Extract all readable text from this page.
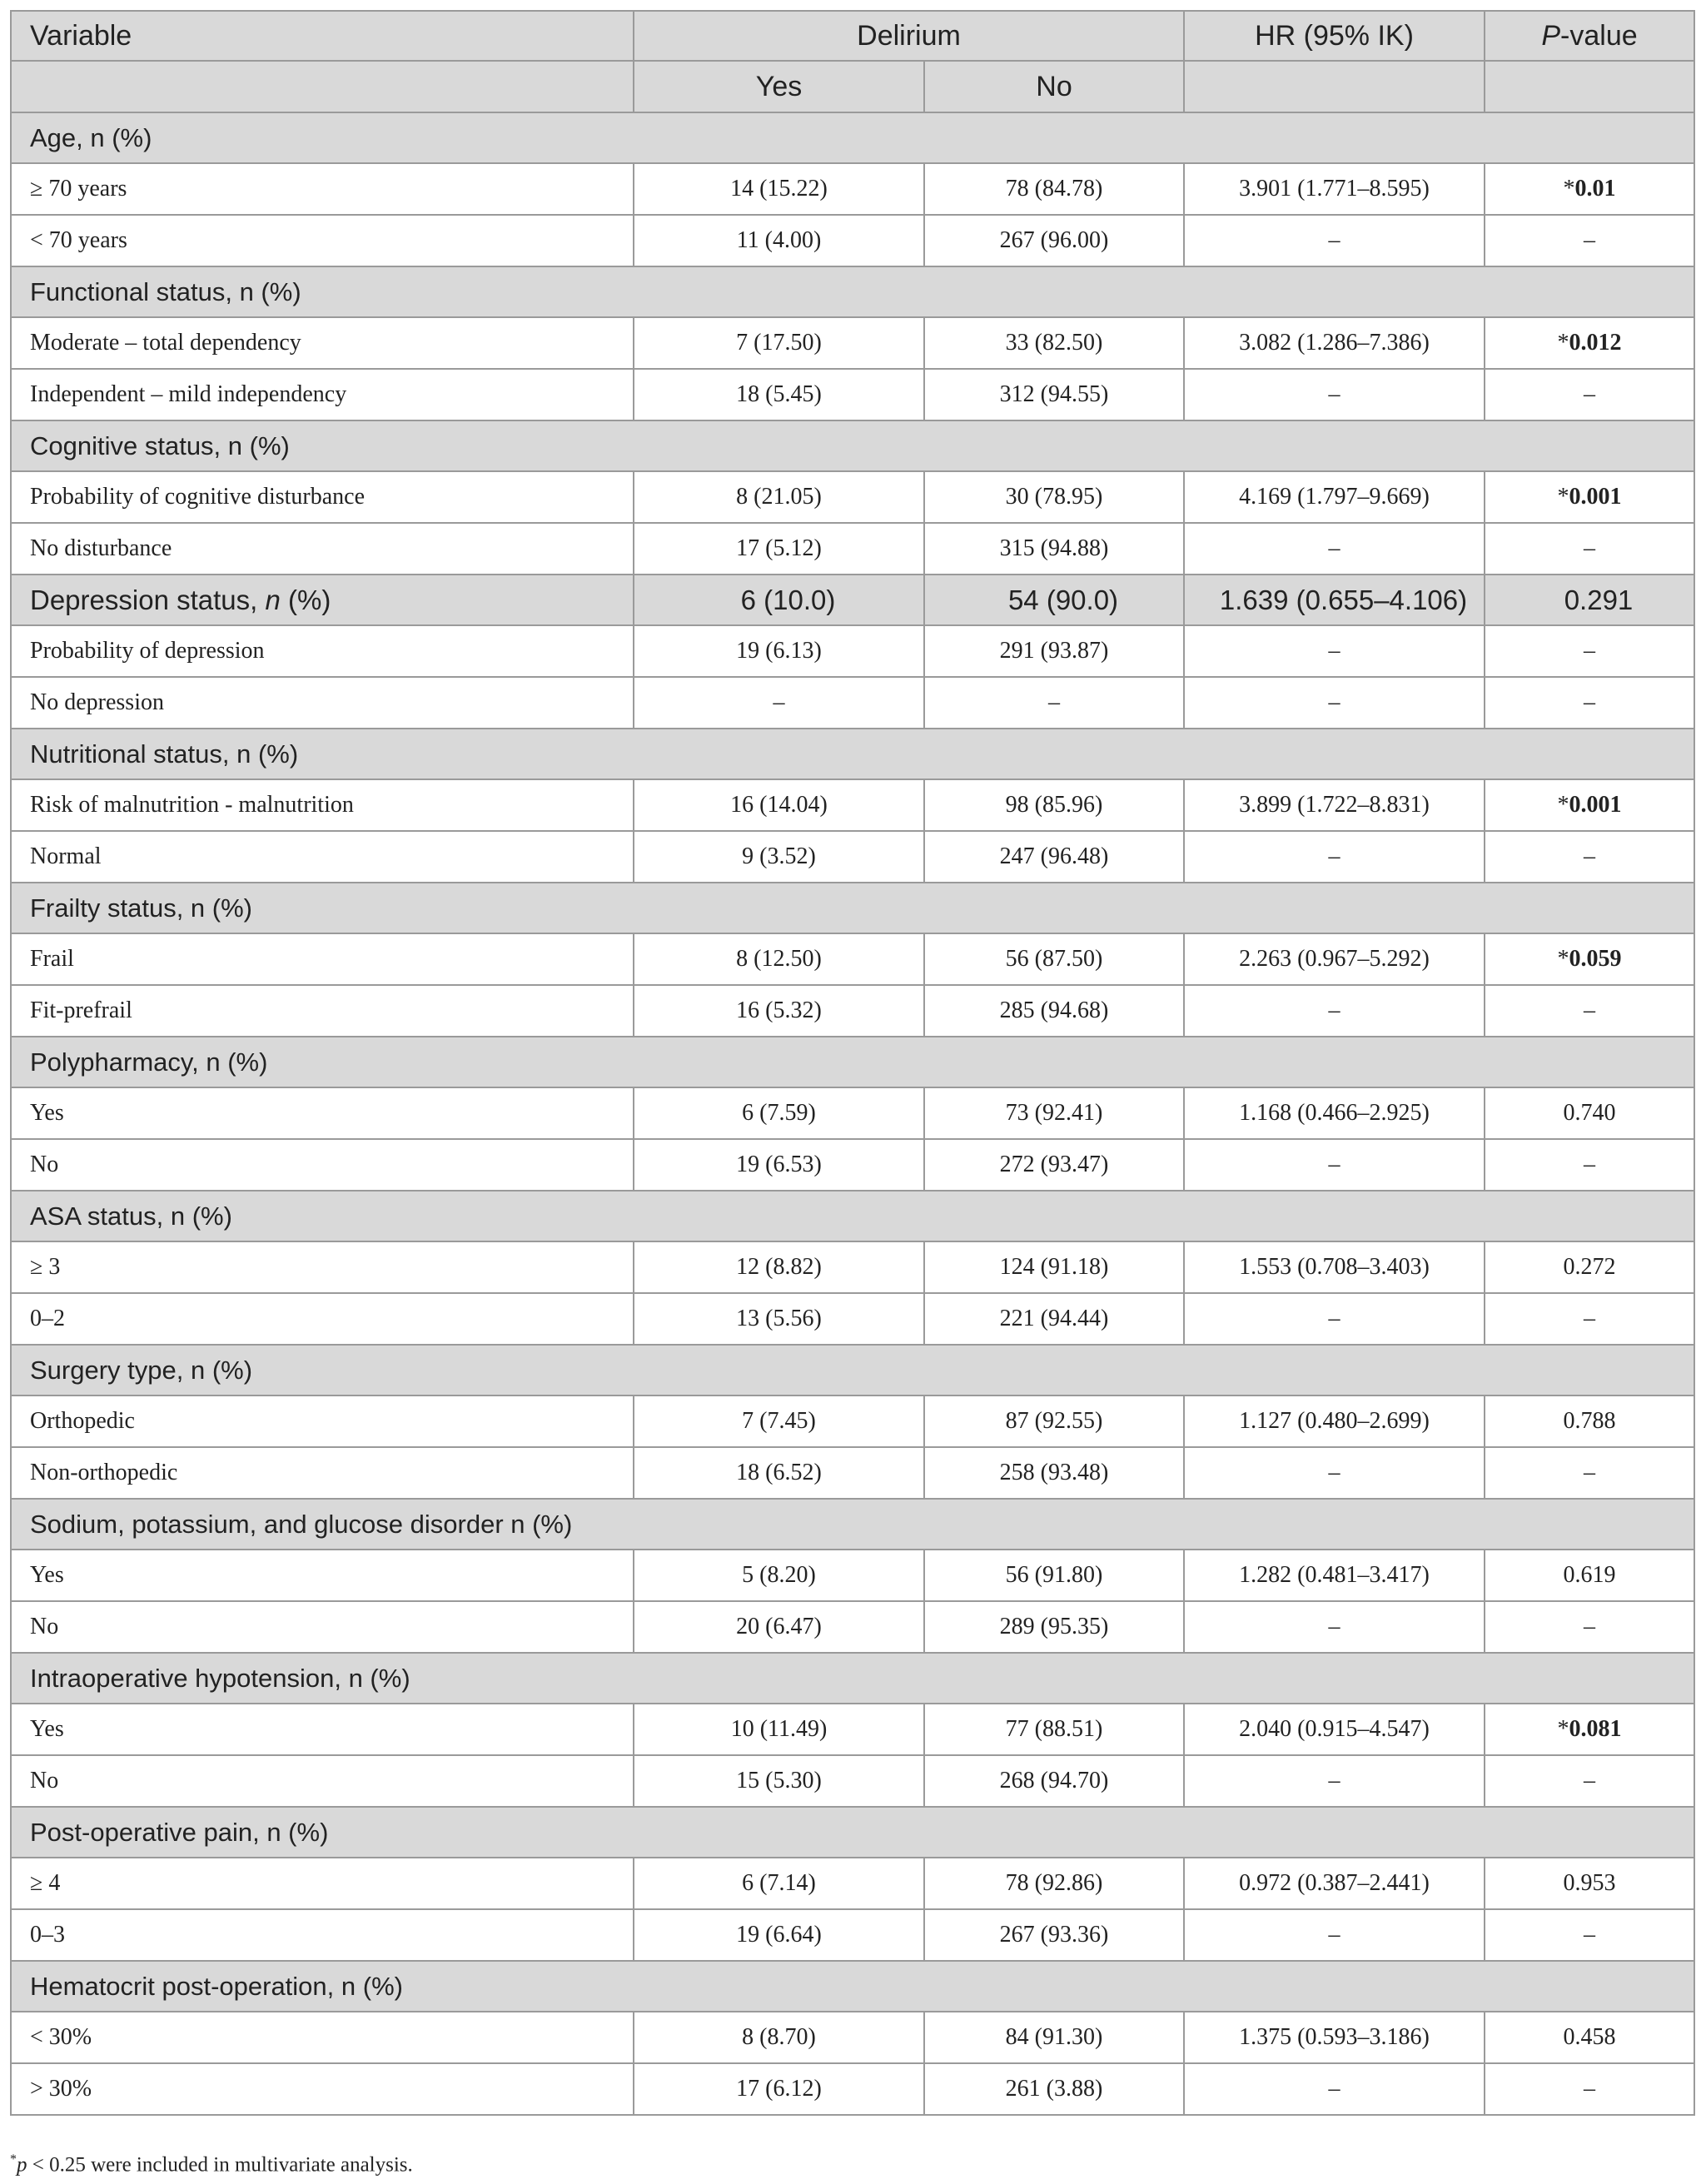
Variable	Delirium		HR (95% IK)	P-value
	Yes	No		
Age, n (%)				
≥ 70 years	14 (15.22)	78 (84.78)	3.901 (1.771–8.595)	*0.01
< 70 years	11 (4.00)	267 (96.00)	–	–
Functional status, n (%)				
Moderate – total dependency	7 (17.50)	33 (82.50)	3.082 (1.286–7.386)	*0.012
Independent – mild independency	18 (5.45)	312 (94.55)	–	–
Cognitive status, n (%)				
Probability of cognitive disturbance	8 (21.05)	30 (78.95)	4.169 (1.797–9.669)	*0.001
No disturbance	17 (5.12)	315 (94.88)	–	–
Depression status, n (%)	6 (10.0)	54 (90.0)	1.639 (0.655–4.106)	0.291
Probability of depression	19 (6.13)	291 (93.87)	–	–
No depression	–	–	–	–
Nutritional status, n (%)				
Risk of malnutrition - malnutrition	16 (14.04)	98 (85.96)	3.899 (1.722–8.831)	*0.001
Normal	9 (3.52)	247 (96.48)	–	–
Frailty status, n (%)				
Frail	8 (12.50)	56 (87.50)	2.263 (0.967–5.292)	*0.059
Fit-prefrail	16 (5.32)	285 (94.68)	–	–
Polypharmacy, n (%)				
Yes	6 (7.59)	73 (92.41)	1.168 (0.466–2.925)	0.740
No	19 (6.53)	272 (93.47)	–	–
ASA status, n (%)				
≥ 3	12 (8.82)	124 (91.18)	1.553 (0.708–3.403)	0.272
0–2	13 (5.56)	221 (94.44)	–	–
Surgery type, n (%)				
Orthopedic	7 (7.45)	87 (92.55)	1.127 (0.480–2.699)	0.788
Non-orthopedic	18 (6.52)	258 (93.48)	–	–
Sodium, potassium, and glucose disorder n (%)				
Yes	5 (8.20)	56 (91.80)	1.282 (0.481–3.417)	0.619
No	20 (6.47)	289 (95.35)	–	–
Intraoperative hypotension, n (%)				
Yes	10 (11.49)	77 (88.51)	2.040 (0.915–4.547)	*0.081
No	15 (5.30)	268 (94.70)	–	–
Post-operative pain, n (%)				
≥ 4	6 (7.14)	78 (92.86)	0.972 (0.387–2.441)	0.953
0–3	19 (6.64)	267 (93.36)	–	–
Hematocrit post-operation, n (%)				
< 30%	8 (8.70)	84 (91.30)	1.375 (0.593–3.186)	0.458
> 30%	17 (6.12)	261 (3.88)	–	–
*p < 0.25 were included in multivariate analysis.
